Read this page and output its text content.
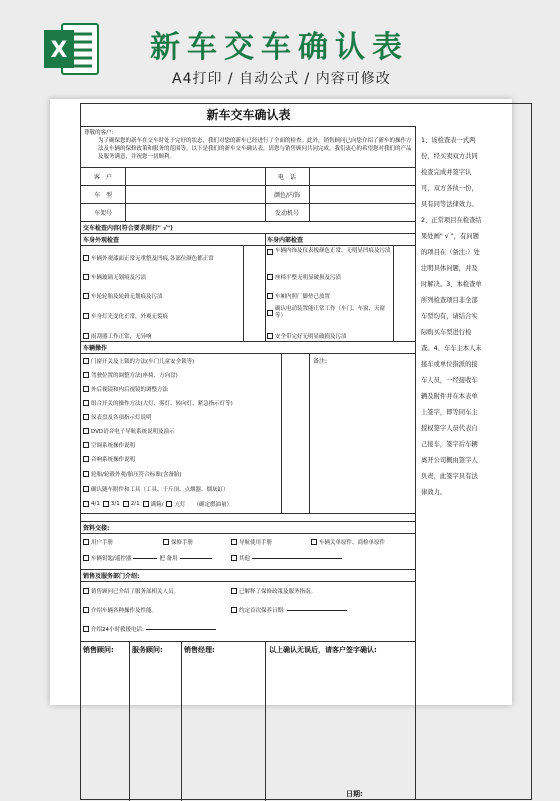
X	新车交车确认表
A4打印 / 自动公式 / 内容可修改
新车交车确认表
尊敬的客户:
为了确保您的新车在交车时处于完好的状态，我们对您的新车已经进行了全面的检查。此外，销售顾问已向您介绍了新车的操作方法及车辆的保修政策和服务的范围等。以下是我们的新车交车确认表，请您与销售顾问共同完成。我们衷心的希望您对我们的产品及服务满意，并祝您一切顺利。
客　户	电　话
车　型	颜色/内饰
车架号	发动机号
交车检查内容(符合要求则打" √")
车身外观检查	车身内部检查
车辆外观漆面正常无重整及凹痕,各部位颜色都正常
车辆玻璃无划痕及污渍
车轮轮胎及轮毂无划痕及污渍
车身灯光变化正常，外观无裂痕
雨刮器工作正常，无异响
车辆内饰及仪表板颜色正常、无明显凹痕及污渍
座椅平整无明显破损及污渍
车厢内照厂脚垫已放置
确认电动装置能正常工作（车门、车窗、天窗等）
安全带完好无明显破损及污渍
车辆操作
备注:
门窗开关及上锁的方法(车门儿童安全锁等)
驾驶位置的调整方法(座椅、方向盘)
外后视镜和内后视镜的调整方法
组合开关的操作方法(大灯、雾灯、转向灯、紧急指示灯等)
仪表盘及各项指示灯说明
DVD语音电子导航系统说明及演示
空调系统操作说明
音响系统操作说明
轮胎/轮毂外观/胎压符合标准(含备胎)
确认随车附件和工具（工具、千斤顶、点烟器、烟灰缸）
4/1 3/1 2/1 满箱/ 亢灯 （确定燃油量）
资料交接:
用户手册	保修手册	导航使用手册	车辆关单原件、商检单原件
车辆钥匙/遥控器	把 备用	其他
销售及服务部门介绍:
销售顾问已介绍了服务部相关人员。	已解释了保修政策及服务指南。
介绍车辆各种操作及性能。	约定首次保养日期:
介绍24小时救援电话:
销售顾问:	服务顾问:	销售经理:	以上确认无误后，请客户签字确认:
日期:
1、该检查表一式两份，经买卖双方共同检查完成并签字认可，双方各执一份，具有同等法律效力。2、正常项目在检查结果处画" √ "，有问题的项目在（备注:）处注明具体问题，并及时解决。3、本检查单所列检查项目非全部车型均有，请结合实际购买车型进行检查。4、车车主本人未接车或单位指派的接车人员，一经接收车辆及附件并在本表单上签字，即等同车主授权签字人员代表自己接车，签字后车辆离开公司概由签字人负责，此签字具有法律效力。
